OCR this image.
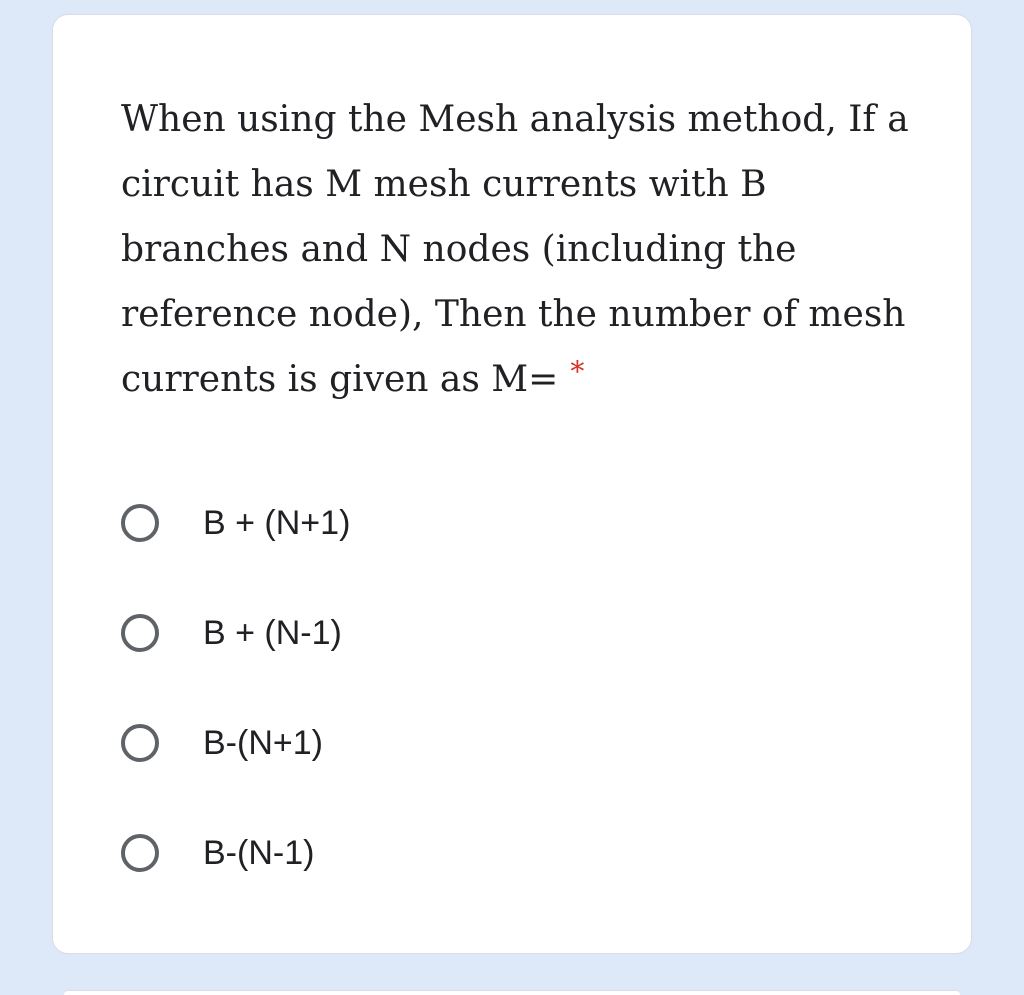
When using the Mesh analysis method, If a circuit has M mesh currents with B branches and N nodes (including the reference node), Then the number of mesh currents is given as M= *

B + (N+1)
B + (N-1)
B-(N+1)
B-(N-1)
